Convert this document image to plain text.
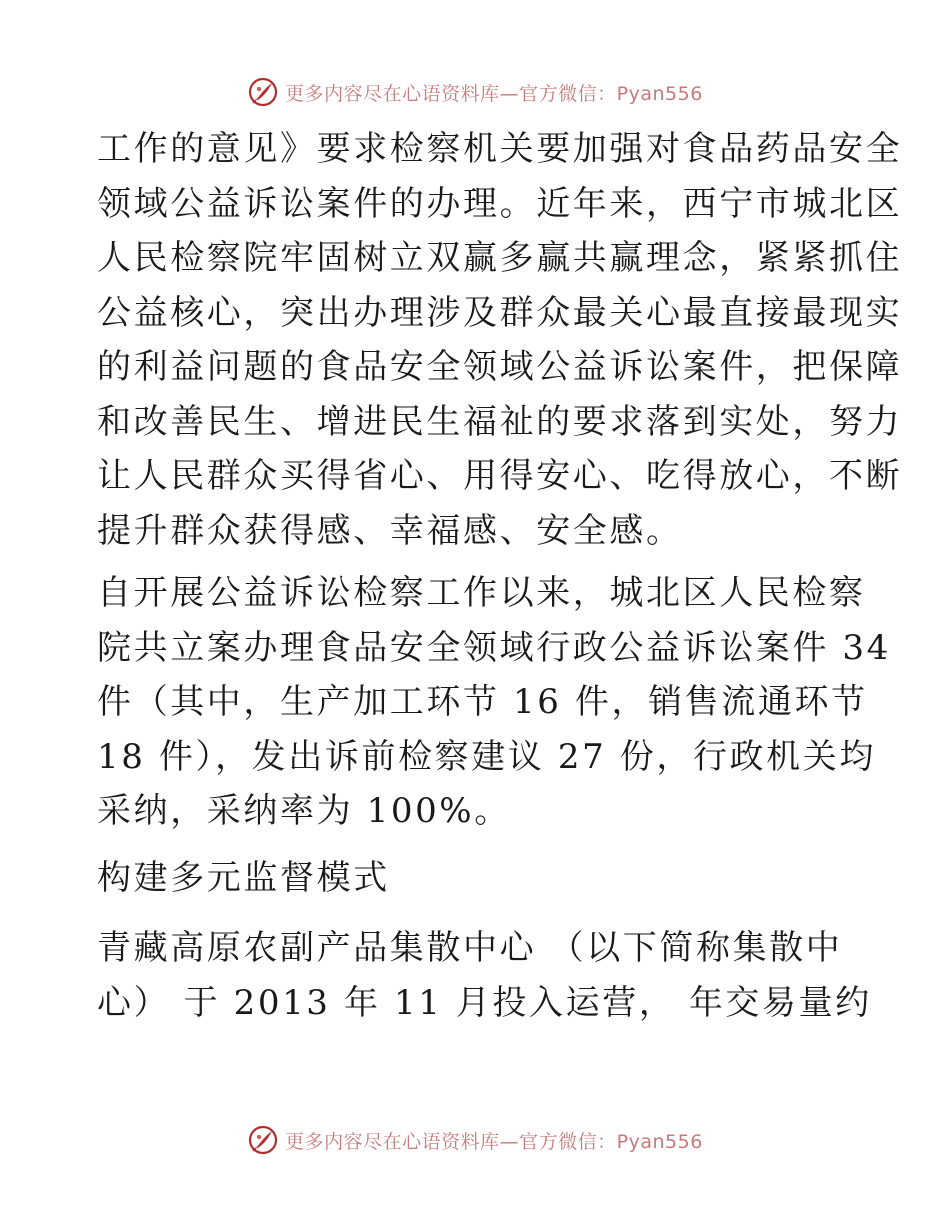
更多内容尽在心语资料库—官方微信：Pyan556

工作的意见》要求检察机关要加强对食品药品安全
领域公益诉讼案件的办理。近年来，西宁市城北区
人民检察院牢固树立双赢多赢共赢理念，紧紧抓住
公益核心，突出办理涉及群众最关心最直接最现实
的利益问题的食品安全领域公益诉讼案件，把保障
和改善民生、增进民生福祉的要求落到实处，努力
让人民群众买得省心、用得安心、吃得放心，不断
提升群众获得感、幸福感、安全感。

自开展公益诉讼检察工作以来，城北区人民检察
院共立案办理食品安全领域行政公益诉讼案件 34
件（其中，生产加工环节 16 件，销售流通环节
18 件），发出诉前检察建议 27 份，行政机关均
采纳，采纳率为 100%。

构建多元监督模式

青藏高原农副产品集散中心 （以下简称集散中
心） 于 2013 年 11 月投入运营， 年交易量约

更多内容尽在心语资料库—官方微信：Pyan556
